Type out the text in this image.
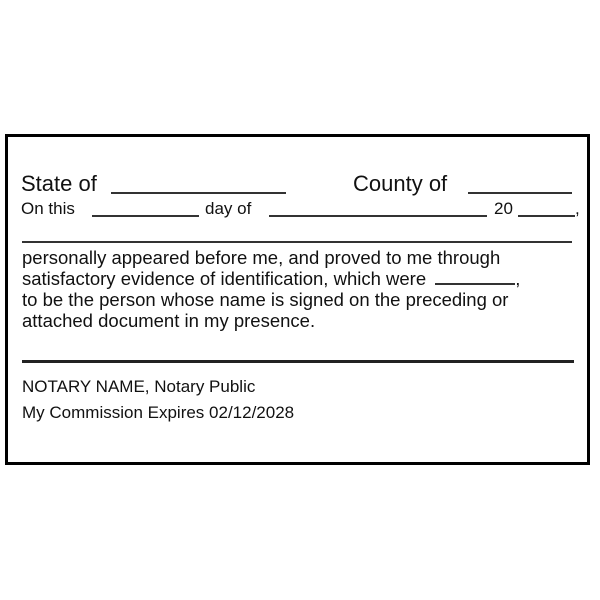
State of	County of
On this	day of	20	,
personally appeared before me, and proved to me through
satisfactory evidence of identification, which were	,
to be the person whose name is signed on the preceding or
attached document in my presence.
NOTARY NAME, Notary Public
My Commission Expires 02/12/2028
